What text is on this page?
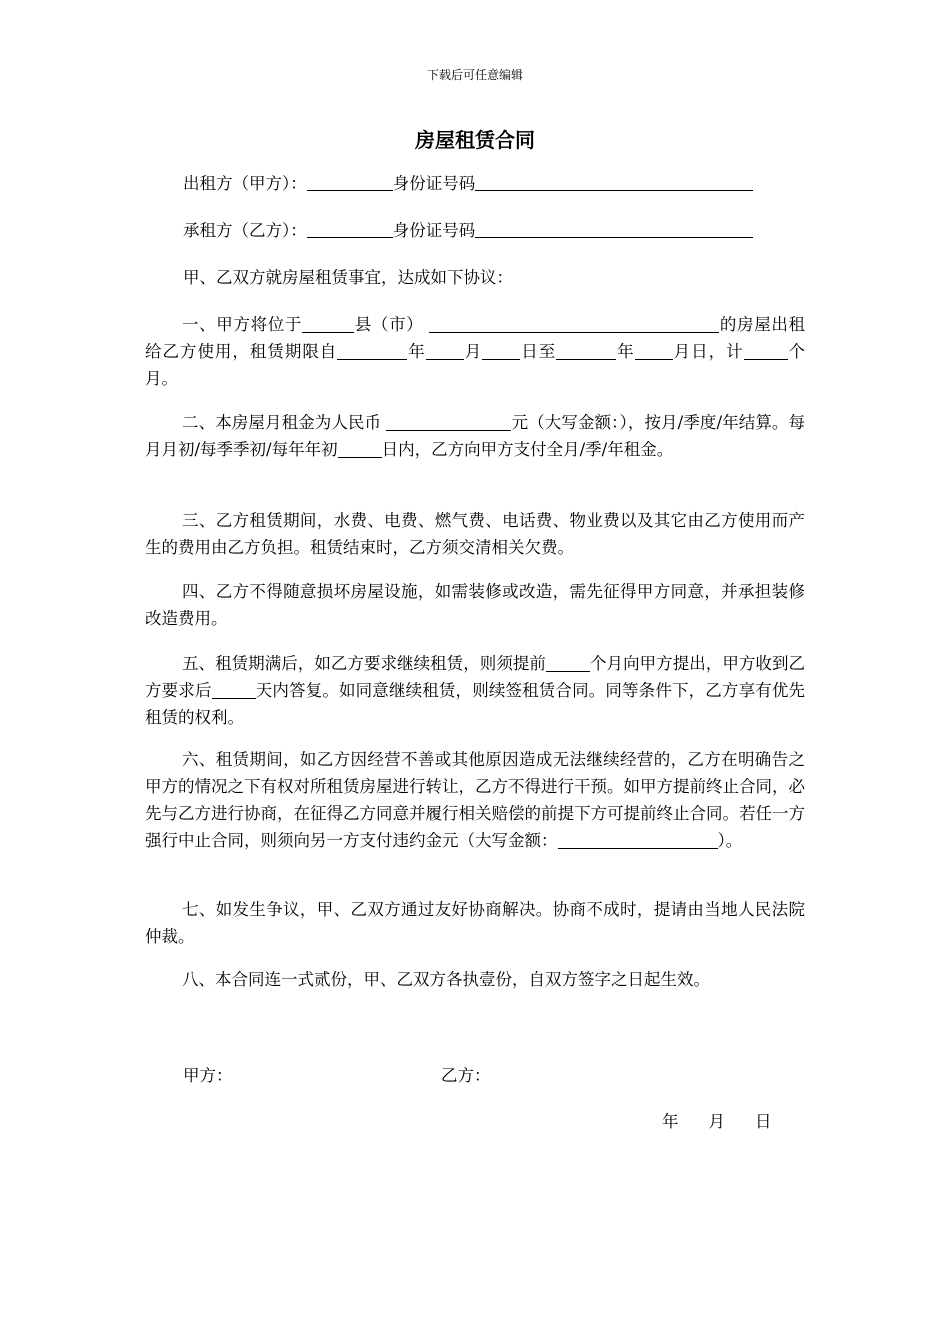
下载后可任意编辑
房屋租赁合同
出租方（甲方）：	身份证号码
承租方（乙方）：	身份证号码
甲、乙双方就房屋租赁事宜，达成如下协议：

一、甲方将位于	县（市）	的房屋出租给乙方使用，租赁期限自	年 月 日至	年 月日，计	个月。

二、本房屋月租金为人民币	元（大写金额：），按月/季度/年结算。每月月初/每季季初/每年年初	日内，乙方向甲方支付全月/季/年租金。

三、乙方租赁期间，水费、电费、燃气费、电话费、物业费以及其它由乙方使用而产生的费用由乙方负担。租赁结束时，乙方须交清相关欠费。

四、乙方不得随意损坏房屋设施，如需装修或改造，需先征得甲方同意，并承担装修改造费用。

五、租赁期满后，如乙方要求继续租赁，则须提前	个月向甲方提出，甲方收到乙方要求后	天内答复。如同意继续租赁，则续签租赁合同。同等条件下，乙方享有优先租赁的权利。

六、租赁期间，如乙方因经营不善或其他原因造成无法继续经营的，乙方在明确告之甲方的情况之下有权对所租赁房屋进行转让，乙方不得进行干预。如甲方提前终止合同，必先与乙方进行协商，在征得乙方同意并履行相关赔偿的前提下方可提前终止合同。若任一方强行中止合同，则须向另一方支付违约金元（大写金额：	）。

七、如发生争议，甲、乙双方通过友好协商解决。协商不成时，提请由当地人民法院仲裁。

八、本合同连一式贰份，甲、乙双方各执壹份，自双方签字之日起生效。

甲方：	乙方：
年 月 日
